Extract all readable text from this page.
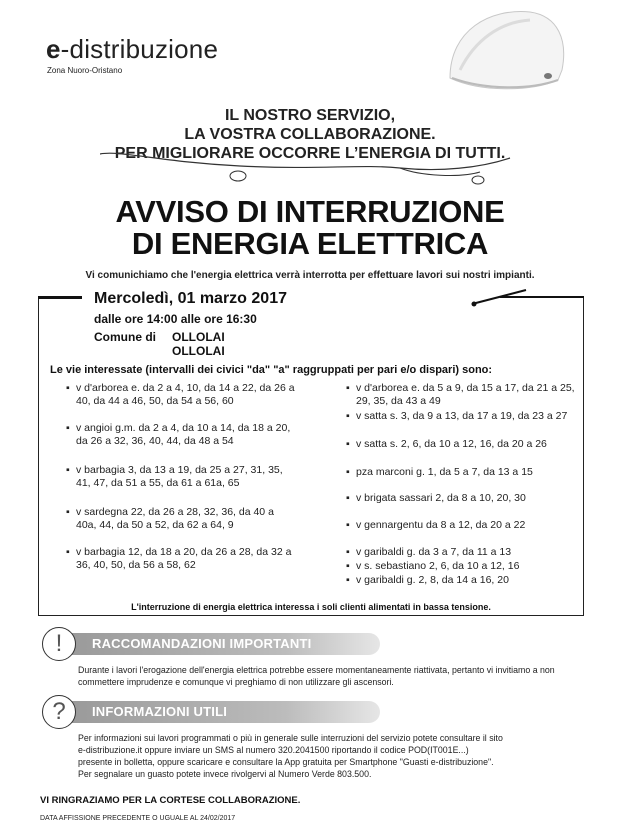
e-distribuzione
Zona Nuoro-Oristano
IL NOSTRO SERVIZIO,
LA VOSTRA COLLABORAZIONE.
PER MIGLIORARE OCCORRE L’ENERGIA DI TUTTI.
AVVISO DI INTERRUZIONE
DI ENERGIA ELETTRICA
Vi comunichiamo che l'energia elettrica verrà interrotta per effettuare lavori sui nostri impianti.
Mercoledì, 01 marzo 2017
dalle ore 14:00 alle ore 16:30
Comune di OLLOLAI
OLLOLAI
Le vie interessate (intervalli dei civici "da" "a" raggruppati per pari e/o dispari) sono:
▪ v d'arborea e. da 2 a 4, 10, da 14 a 22, da 26 a 40, da 44 a 46, 50, da 54 a 56, 60
▪ v angioi g.m. da 2 a 4, da 10 a 14, da 18 a 20, da 26 a 32, 36, 40, 44, da 48 a 54
▪ v barbagia 3, da 13 a 19, da 25 a 27, 31, 35, 41, 47, da 51 a 55, da 61 a 61a, 65
▪ v sardegna 22, da 26 a 28, 32, 36, da 40 a 40a, 44, da 50 a 52, da 62 a 64, 9
▪ v barbagia 12, da 18 a 20, da 26 a 28, da 32 a 36, 40, 50, da 56 a 58, 62
▪ v d'arborea e. da 5 a 9, da 15 a 17, da 21 a 25, 29, 35, da 43 a 49
▪ v satta s. 3, da 9 a 13, da 17 a 19, da 23 a 27
▪ v satta s. 2, 6, da 10 a 12, 16, da 20 a 26
▪ pza marconi g. 1, da 5 a 7, da 13 a 15
▪ v brigata sassari 2, da 8 a 10, 20, 30
▪ v gennargentu da 8 a 12, da 20 a 22
▪ v garibaldi g. da 3 a 7, da 11 a 13
▪ v s. sebastiano 2, 6, da 10 a 12, 16
▪ v garibaldi g. 2, 8, da 14 a 16, 20
L'interruzione di energia elettrica interessa i soli clienti alimentati in bassa tensione.
RACCOMANDAZIONI IMPORTANTI
!
Durante i lavori l'erogazione dell'energia elettrica potrebbe essere momentaneamente riattivata, pertanto vi invitiamo a non commettere imprudenze e comunque vi preghiamo di non utilizzare gli ascensori.
INFORMAZIONI UTILI
?
Per informazioni sui lavori programmati o più in generale sulle interruzioni del servizio potete consultare il sito
e-distribuzione.it oppure inviare un SMS al numero 320.2041500 riportando il codice POD(IT001E...)
presente in bolletta, oppure scaricare e consultare la App gratuita per Smartphone "Guasti e-distribuzione".
Per segnalare un guasto potete invece rivolgervi al Numero Verde 803.500.
VI RINGRAZIAMO PER LA CORTESE COLLABORAZIONE.
DATA AFFISSIONE PRECEDENTE O UGUALE AL 24/02/2017
